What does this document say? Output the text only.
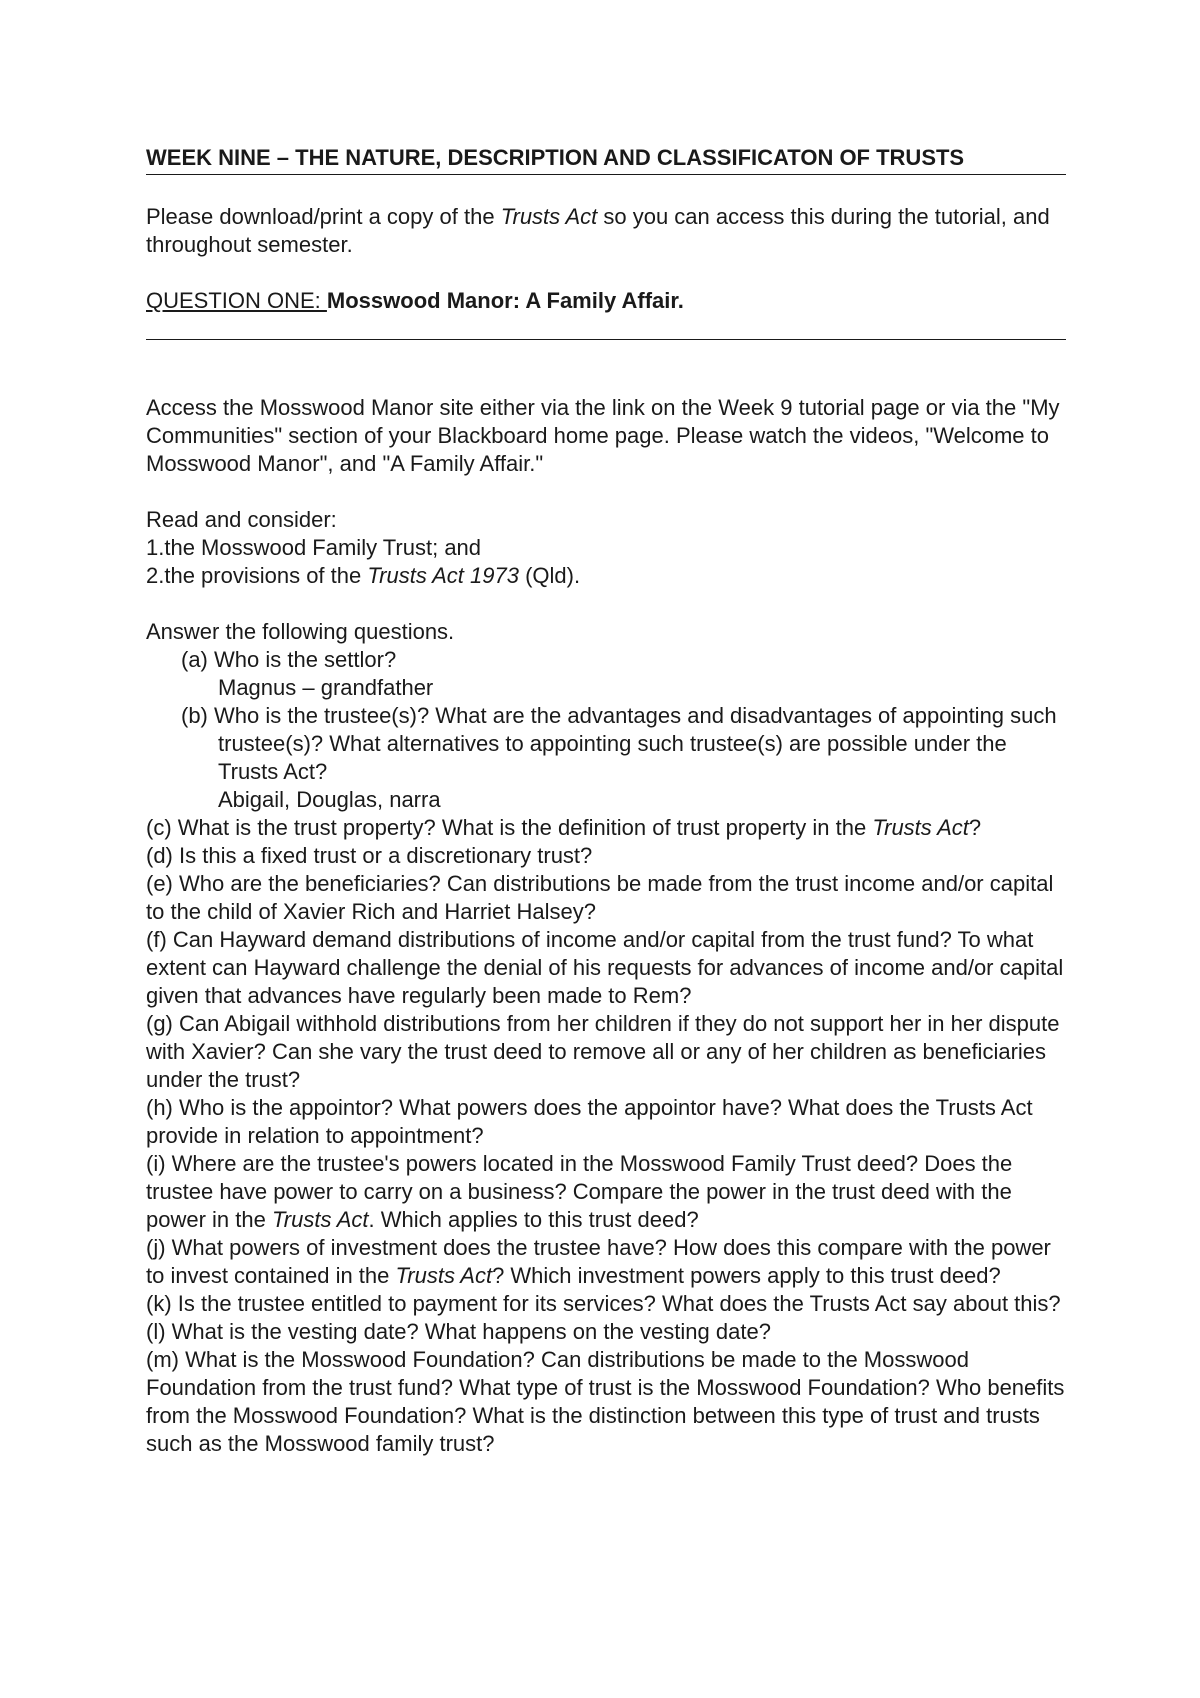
WEEK NINE – THE NATURE, DESCRIPTION AND CLASSIFICATON OF TRUSTS

Please download/print a copy of the Trusts Act so you can access this during the tutorial, and throughout semester.

QUESTION ONE: Mosswood Manor: A Family Affair.

Access the Mosswood Manor site either via the link on the Week 9 tutorial page or via the "My Communities" section of your Blackboard home page. Please watch the videos, "Welcome to Mosswood Manor", and "A Family Affair."

Read and consider:
1.the Mosswood Family Trust; and
2.the provisions of the Trusts Act 1973 (Qld).
Answer the following questions.
(a) Who is the settlor?
Magnus – grandfather
(b) Who is the trustee(s)? What are the advantages and disadvantages of appointing such trustee(s)? What alternatives to appointing such trustee(s) are possible under the Trusts Act?
Abigail, Douglas, narra
(c) What is the trust property? What is the definition of trust property in the Trusts Act?
(d) Is this a fixed trust or a discretionary trust?
(e) Who are the beneficiaries? Can distributions be made from the trust income and/or capital to the child of Xavier Rich and Harriet Halsey?
(f) Can Hayward demand distributions of income and/or capital from the trust fund? To what extent can Hayward challenge the denial of his requests for advances of income and/or capital given that advances have regularly been made to Rem?
(g) Can Abigail withhold distributions from her children if they do not support her in her dispute with Xavier? Can she vary the trust deed to remove all or any of her children as beneficiaries under the trust?
(h) Who is the appointor? What powers does the appointor have? What does the Trusts Act provide in relation to appointment?
(i) Where are the trustee's powers located in the Mosswood Family Trust deed? Does the trustee have power to carry on a business? Compare the power in the trust deed with the power in the Trusts Act. Which applies to this trust deed?
(j) What powers of investment does the trustee have? How does this compare with the power to invest contained in the Trusts Act? Which investment powers apply to this trust deed?
(k) Is the trustee entitled to payment for its services? What does the Trusts Act say about this?
(l) What is the vesting date? What happens on the vesting date?
(m) What is the Mosswood Foundation? Can distributions be made to the Mosswood Foundation from the trust fund? What type of trust is the Mosswood Foundation? Who benefits from the Mosswood Foundation? What is the distinction between this type of trust and trusts such as the Mosswood family trust?
